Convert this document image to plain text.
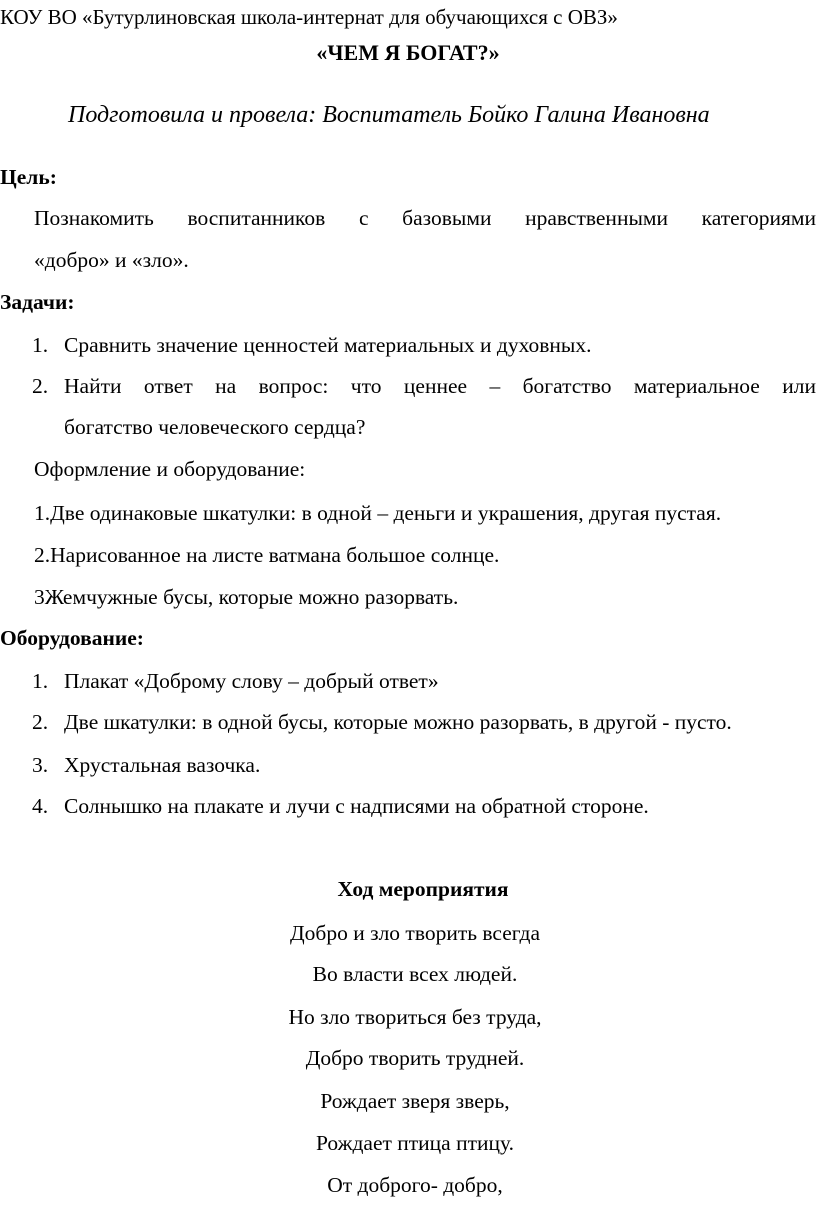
КОУ ВО «Бутурлиновская школа-интернат для обучающихся с ОВЗ»
«ЧЕМ Я БОГАТ?»
Подготовила и провела: Воспитатель Бойко Галина Ивановна
Цель:
Познакомить воспитанников с базовыми нравственными категориями
«добро» и «зло».
Задачи:
1. Сравнить значение ценностей материальных и духовных.
2. Найти ответ на вопрос: что ценнее – богатство материальное или
богатство человеческого сердца?
Оформление и оборудование:
1.Две одинаковые шкатулки: в одной – деньги и украшения, другая пустая.
2.Нарисованное на листе ватмана большое солнце.
3Жемчужные бусы, которые можно разорвать.
Оборудование:
1. Плакат «Доброму слову – добрый ответ»
2. Две шкатулки: в одной бусы, которые можно разорвать, в другой - пусто.
3. Хрустальная вазочка.
4. Солнышко на плакате и лучи с надписями на обратной стороне.
Ход мероприятия
Добро и зло творить всегда
Во власти всех людей.
Но зло твориться без труда,
Добро творить трудней.
Рождает зверя зверь,
Рождает птица птицу.
От доброго- добро,
